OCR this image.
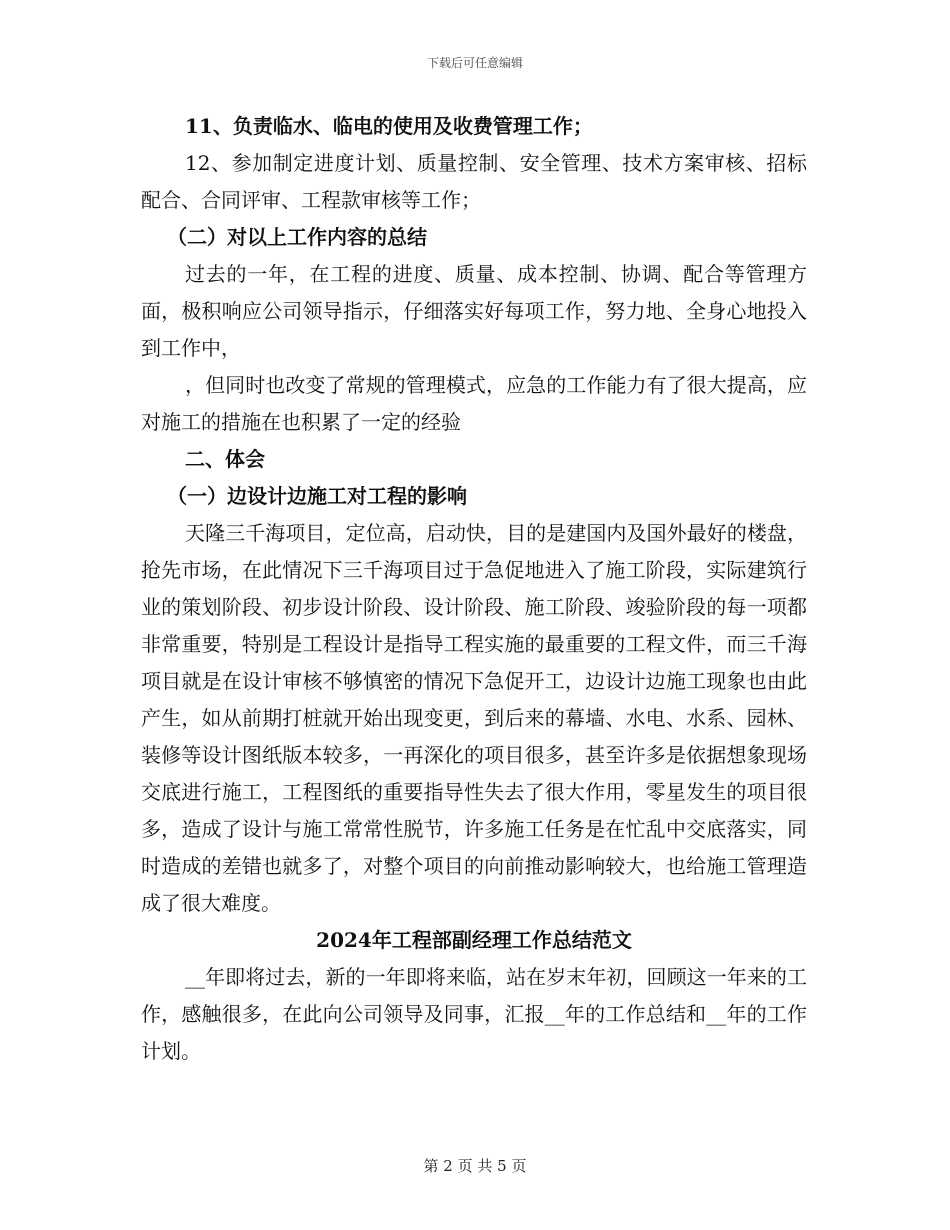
下载后可任意编辑

11、负责临水、临电的使用及收费管理工作；

12、参加制定进度计划、质量控制、安全管理、技术方案审核、招标配合、合同评审、工程款审核等工作；

（二）对以上工作内容的总结

过去的一年，在工程的进度、质量、成本控制、协调、配合等管理方面，极积响应公司领导指示，仔细落实好每项工作，努力地、全身心地投入到工作中，

，但同时也改变了常规的管理模式，应急的工作能力有了很大提高，应对施工的措施在也积累了一定的经验

二、体会

（一）边设计边施工对工程的影响

天隆三千海项目，定位高，启动快，目的是建国内及国外最好的楼盘，抢先市场，在此情况下三千海项目过于急促地进入了施工阶段，实际建筑行业的策划阶段、初步设计阶段、设计阶段、施工阶段、竣验阶段的每一项都非常重要，特别是工程设计是指导工程实施的最重要的工程文件，而三千海项目就是在设计审核不够慎密的情况下急促开工，边设计边施工现象也由此产生，如从前期打桩就开始出现变更，到后来的幕墙、水电、水系、园林、装修等设计图纸版本较多，一再深化的项目很多，甚至许多是依据想象现场交底进行施工，工程图纸的重要指导性失去了很大作用，零星发生的项目很多，造成了设计与施工常常性脱节，许多施工任务是在忙乱中交底落实，同时造成的差错也就多了，对整个项目的向前推动影响较大，也给施工管理造成了很大难度。

2024年工程部副经理工作总结范文

__年即将过去，新的一年即将来临，站在岁末年初，回顾这一年来的工作，感触很多，在此向公司领导及同事，汇报__年的工作总结和__年的工作计划。

第 2 页 共 5 页
